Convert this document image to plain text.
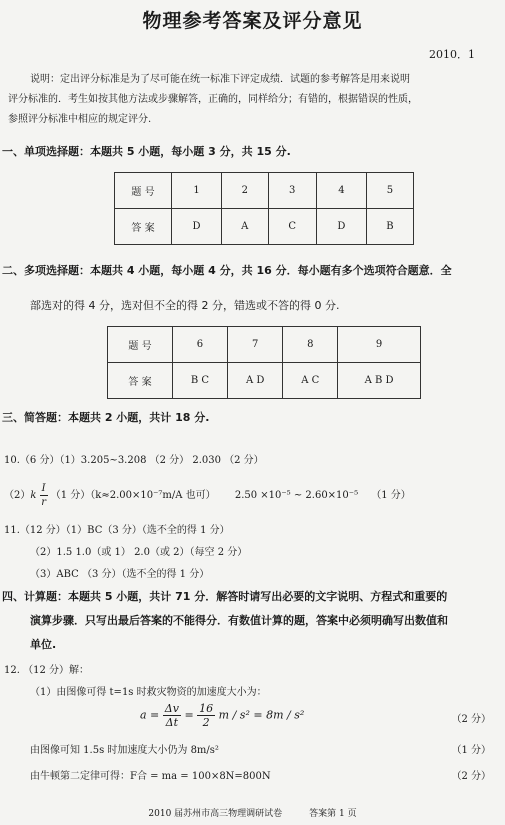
物理参考答案及评分意见
2010．1
说明：定出评分标准是为了尽可能在统一标准下评定成绩．试题的参考解答是用来说明
评分标准的．考生如按其他方法或步骤解答，正确的，同样给分；有错的，根据错误的性质，
参照评分标准中相应的规定评分.
一、单项选择题：本题共 5 小题，每小题 3 分，共 15 分.
题 号	1	2	3	4	5
答 案	D	A	C	D	B
二、多项选择题：本题共 4 小题，每小题 4 分，共 16 分．每小题有多个选项符合题意．全
部选对的得 4 分，选对但不全的得 2 分，错选或不答的得 0 分.
题 号	6	7	8	9
答 案	B C	A D	A C	A B D
三、简答题：本题共 2 小题，共计 18 分.
10.（6 分）（1）3.205~3.208 （2 分） 2.030 （2 分）
$(2)k \frac{I}{r} (1$ 分）（k≈2.00×10⁻⁷m/A 也可） 2.50 ×10⁻⁵ ~ 2.60×10⁻⁵ （1 分）
11.（12 分）（1）BC（3 分）（选不全的得 1 分）
（2）1.5 1.0（或 1） 2.0（或 2）（每空 2 分）
（3）ABC （3 分）（选不全的得 1 分）
四、计算题：本题共 5 小题，共计 71 分．解答时请写出必要的文字说明、方程式和重要的
演算步骤．只写出最后答案的不能得分．有数值计算的题，答案中必须明确写出数值和
单位.
12. （12 分）解：
（1）由图像可得 t=1s 时救灾物资的加速度大小为：
$a = \frac{\Delta v}{\Delta t} = \frac{16}{2}$ m / s² = 8m / s²	（2 分）
由图像可知 1.5s 时加速度大小仍为 8m/s²	（1 分）
由牛顿第二定律可得：F合 = ma = 100×8N=800N	（2 分）
2010 届苏州市高三物理调研试卷　　　答案第 1 页
